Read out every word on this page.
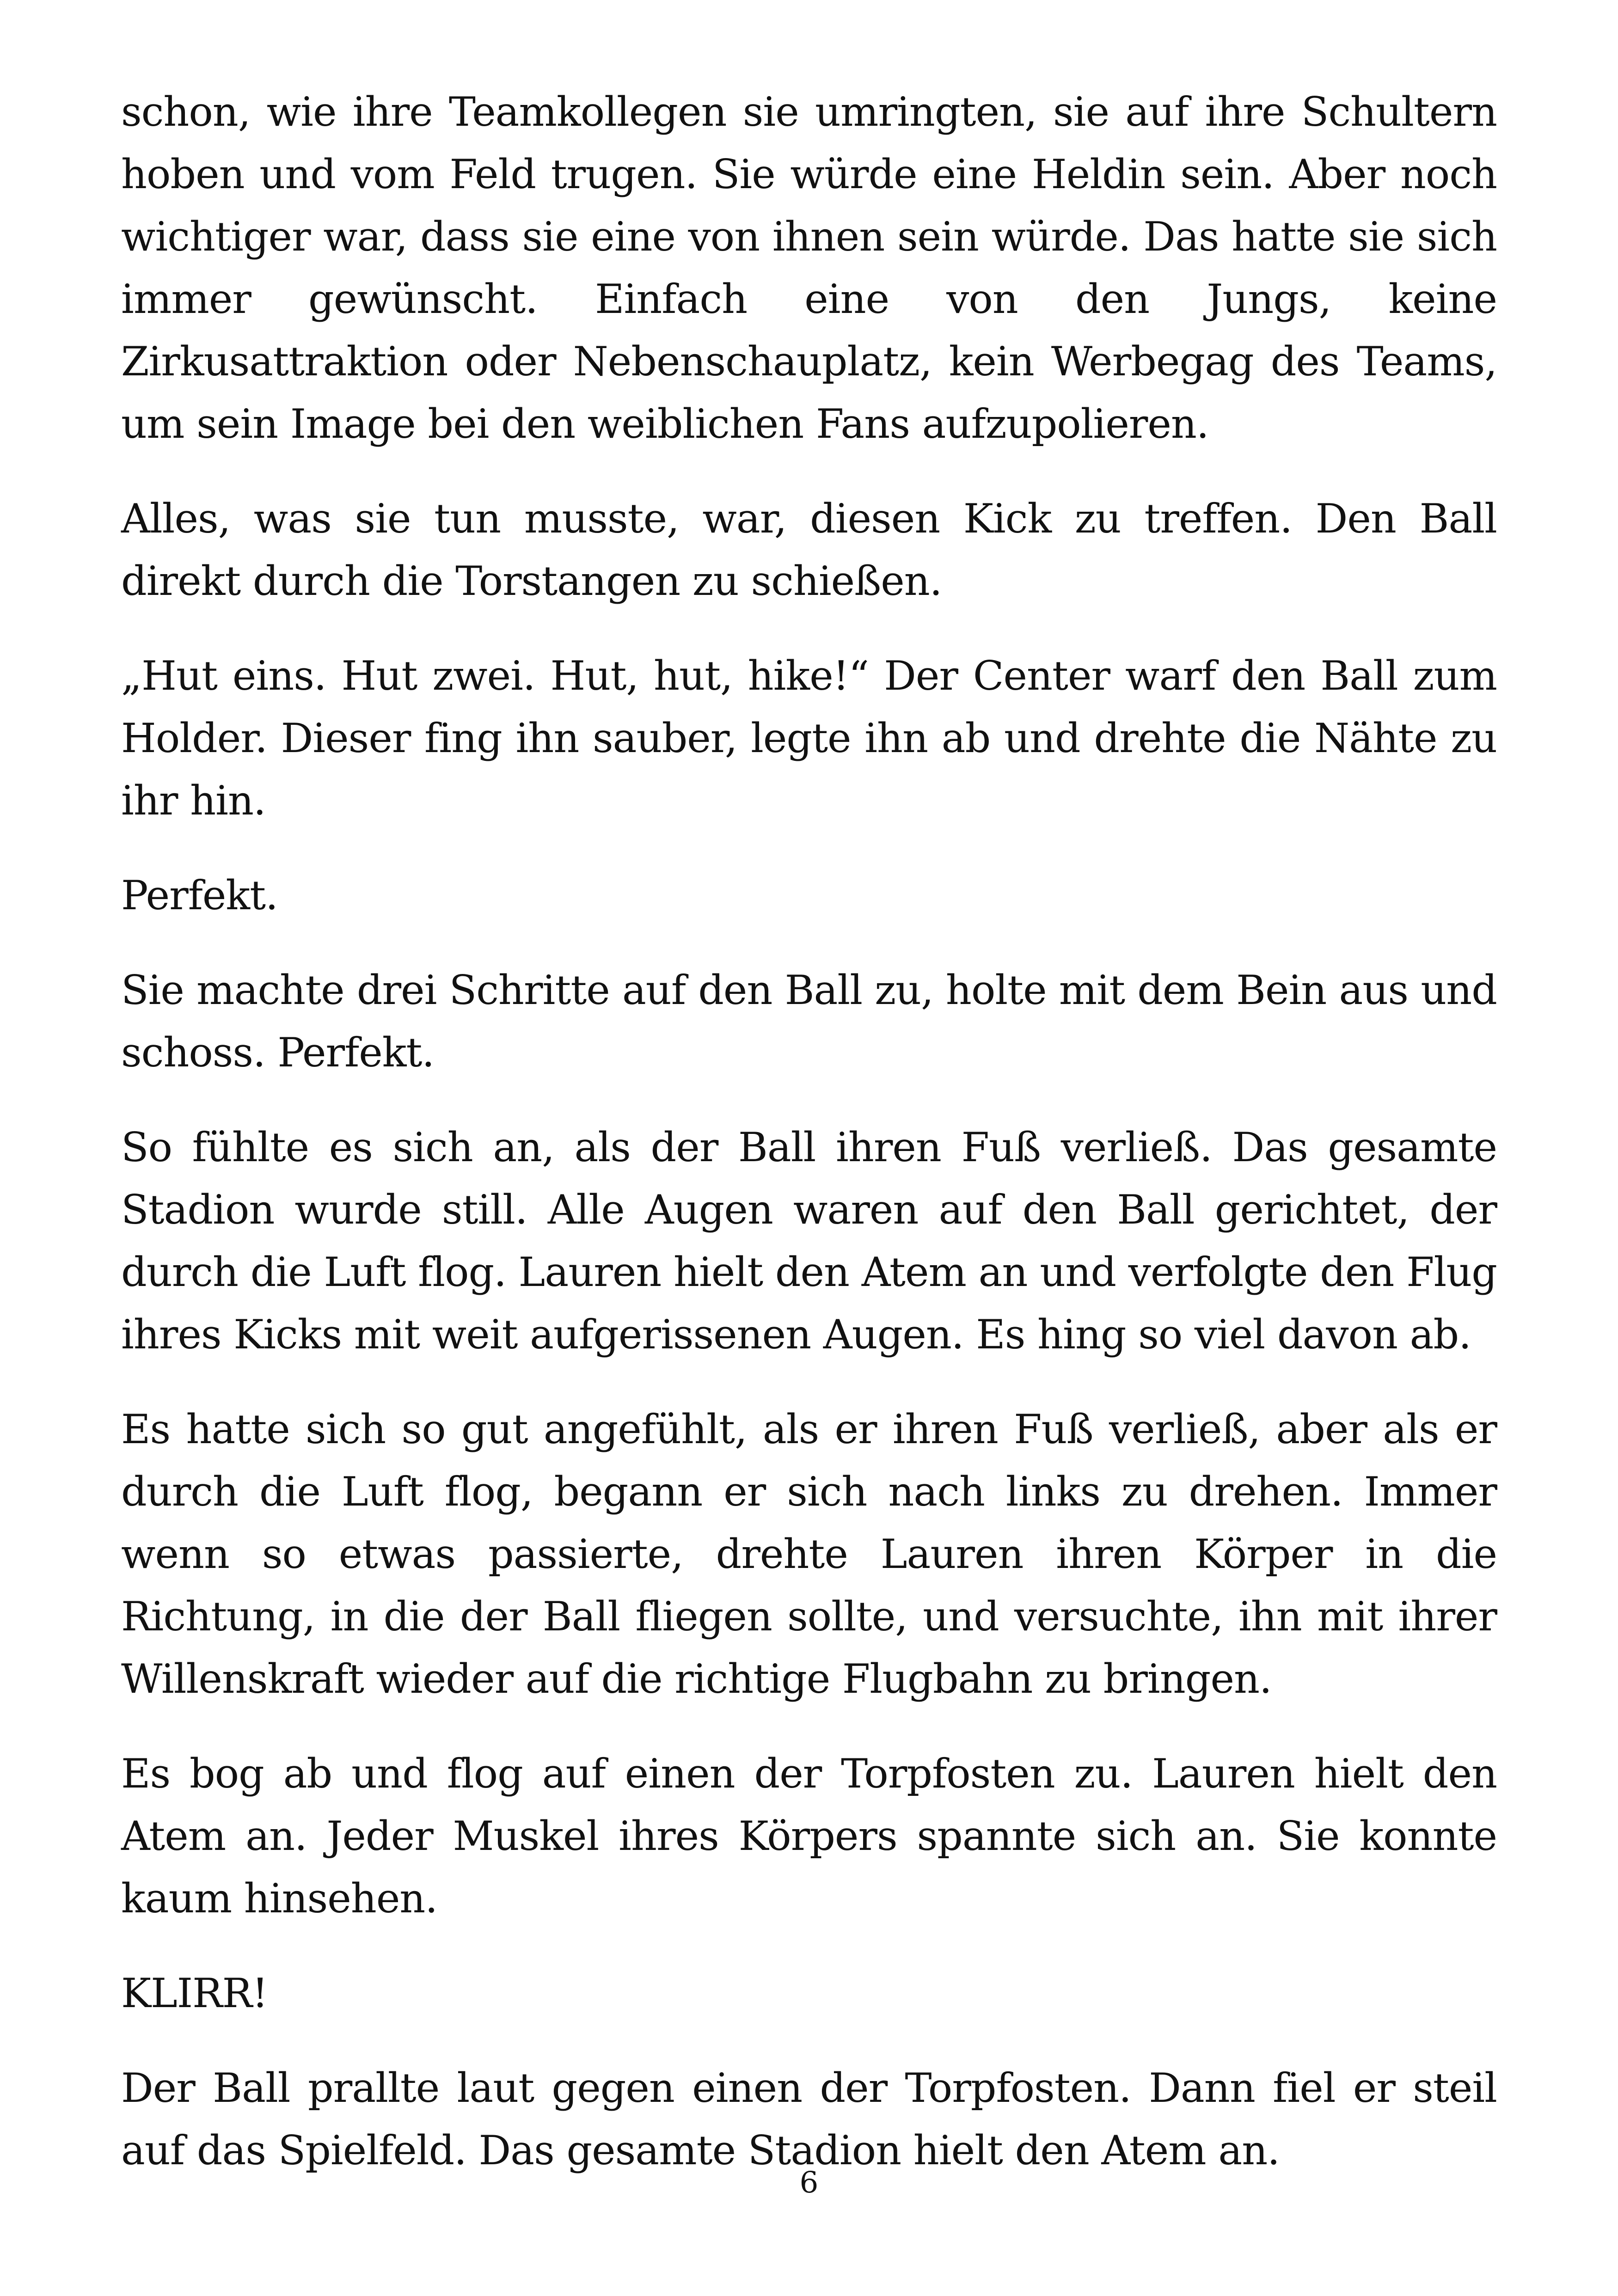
schon, wie ihre Teamkollegen sie umringten, sie auf ihre Schultern hoben und vom Feld trugen. Sie würde eine Heldin sein. Aber noch wichtiger war, dass sie eine von ihnen sein würde. Das hatte sie sich immer gewünscht. Einfach eine von den Jungs, keine Zirkusattraktion oder Nebenschauplatz, kein Werbegag des Teams, um sein Image bei den weiblichen Fans aufzupolieren.

Alles, was sie tun musste, war, diesen Kick zu treffen. Den Ball direkt durch die Torstangen zu schießen.

„Hut eins. Hut zwei. Hut, hut, hike!“ Der Center warf den Ball zum Holder. Dieser fing ihn sauber, legte ihn ab und drehte die Nähte zu ihr hin.

Perfekt.

Sie machte drei Schritte auf den Ball zu, holte mit dem Bein aus und schoss. Perfekt.

So fühlte es sich an, als der Ball ihren Fuß verließ. Das gesamte Stadion wurde still. Alle Augen waren auf den Ball gerichtet, der durch die Luft flog. Lauren hielt den Atem an und verfolgte den Flug ihres Kicks mit weit aufgerissenen Augen. Es hing so viel davon ab.

Es hatte sich so gut angefühlt, als er ihren Fuß verließ, aber als er durch die Luft flog, begann er sich nach links zu drehen. Immer wenn so etwas passierte, drehte Lauren ihren Körper in die Richtung, in die der Ball fliegen sollte, und versuchte, ihn mit ihrer Willenskraft wieder auf die richtige Flugbahn zu bringen.

Es bog ab und flog auf einen der Torpfosten zu. Lauren hielt den Atem an. Jeder Muskel ihres Körpers spannte sich an. Sie konnte kaum hinsehen.

KLIRR!

Der Ball prallte laut gegen einen der Torpfosten. Dann fiel er steil auf das Spielfeld. Das gesamte Stadion hielt den Atem an.

6
